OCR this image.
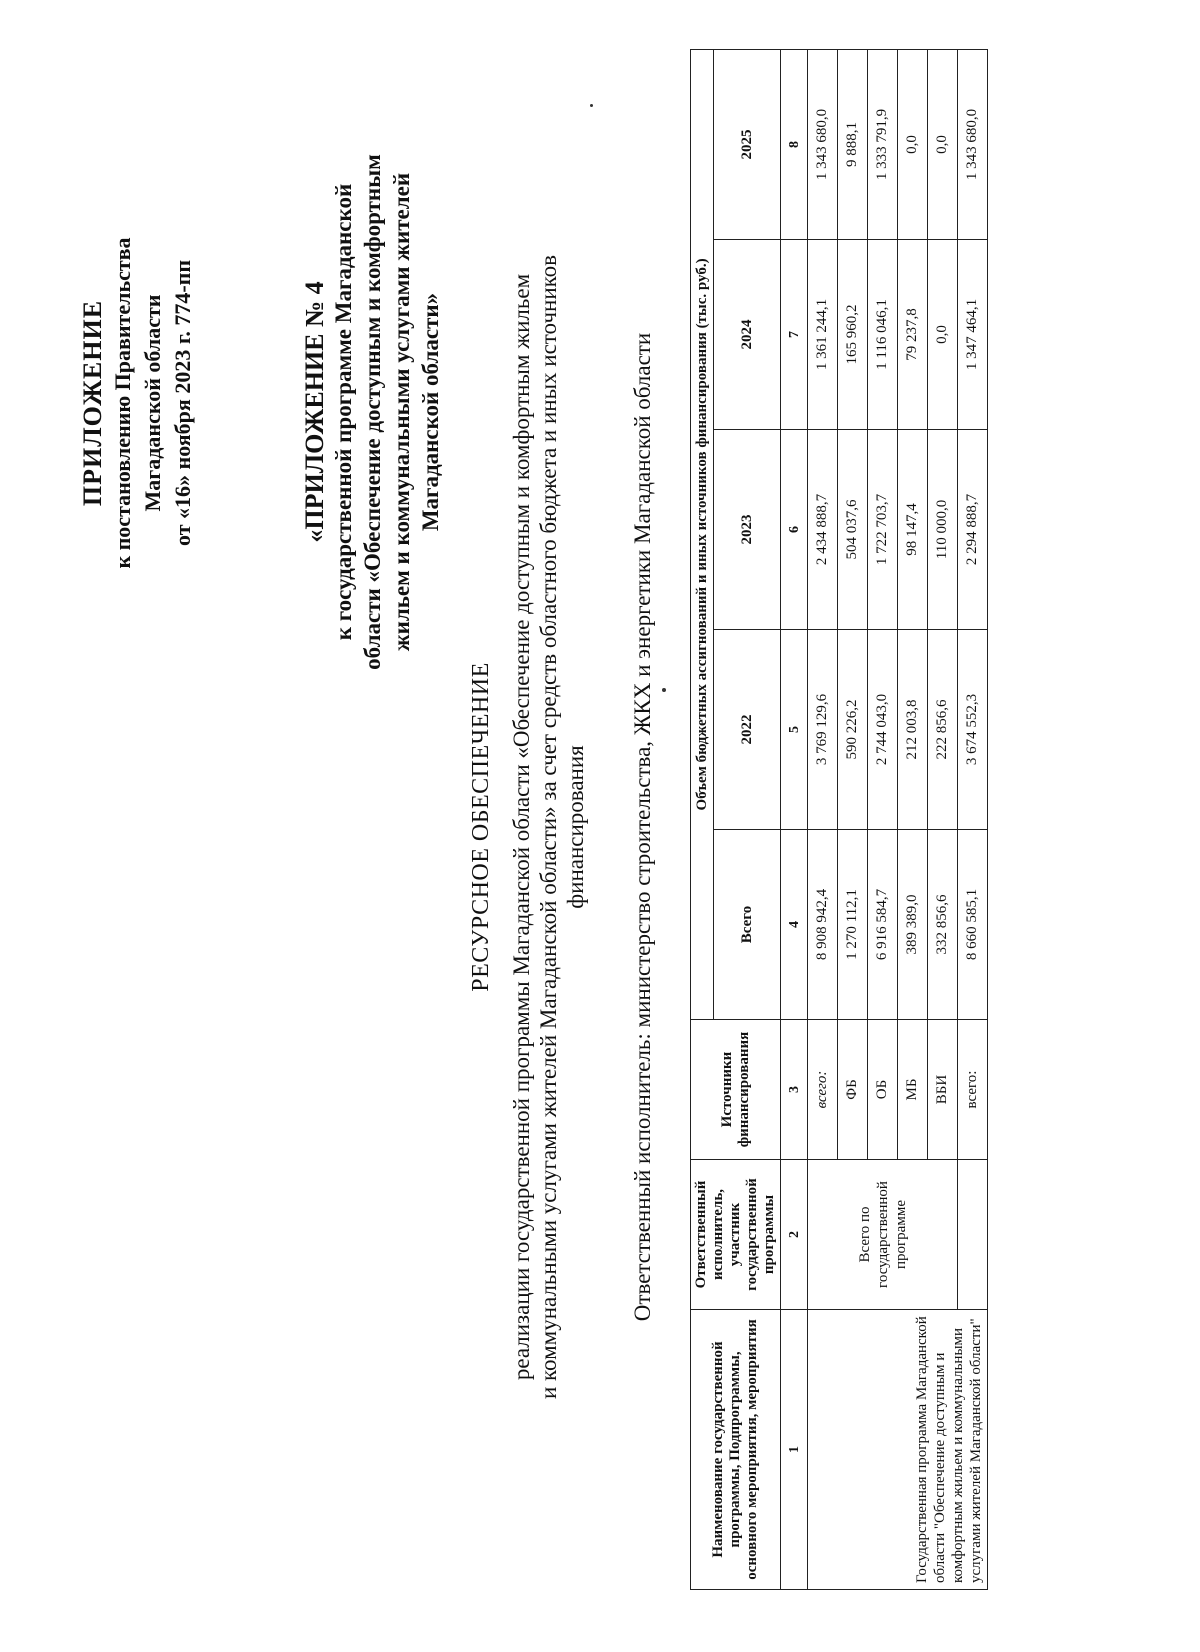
ПРИЛОЖЕНИЕ к постановлению Правительства Магаданской области от «16» ноября 2023 г. 774-пп	«ПРИЛОЖЕНИЕ № 4 к государственной программе Магаданской области «Обеспечение доступным и комфортным жильем и коммунальными услугами жителей Магаданской области»
РЕСУРСНОЕ ОБЕСПЕЧЕНИЕ реализации государственной программы Магаданской области «Обеспечение доступным и комфортным жильем и коммунальными услугами жителей Магаданской области» за счет средств областного бюджета и иных источников финансирования Ответственный исполнитель: министерство строительства, ЖКХ и энергетики Магаданской области
Наименование государственной программы, Подпрограммы, основного мероприятия, мероприятия	Ответственный исполнитель, участник государственной программы	Источники финансирования	Объем бюджетных ассигнований и иных источников финансирования (тыс. руб.)				
			Всего	2022	2023	2024	2025
1	2	3	4	5	6	7	8
Государственная программа Магаданской области "Обеспечение доступным и комфортным жильем и коммунальными услугами жителей Магаданской области"	Всего по государственной программе	всего:	8 908 942,4	3 769 129,6	2 434 888,7	1 361 244,1	1 343 680,0
		ФБ	1 270 112,1	590 226,2	504 037,6	165 960,2	9 888,1
		ОБ	6 916 584,7	2 744 043,0	1 722 703,7	1 116 046,1	1 333 791,9
		МБ	389 389,0	212 003,8	98 147,4	79 237,8	0,0
		ВБИ	332 856,6	222 856,6	110 000,0	0,0	0,0
		всего:	8 660 585,1	3 674 552,3	2 294 888,7	1 347 464,1	1 343 680,0
